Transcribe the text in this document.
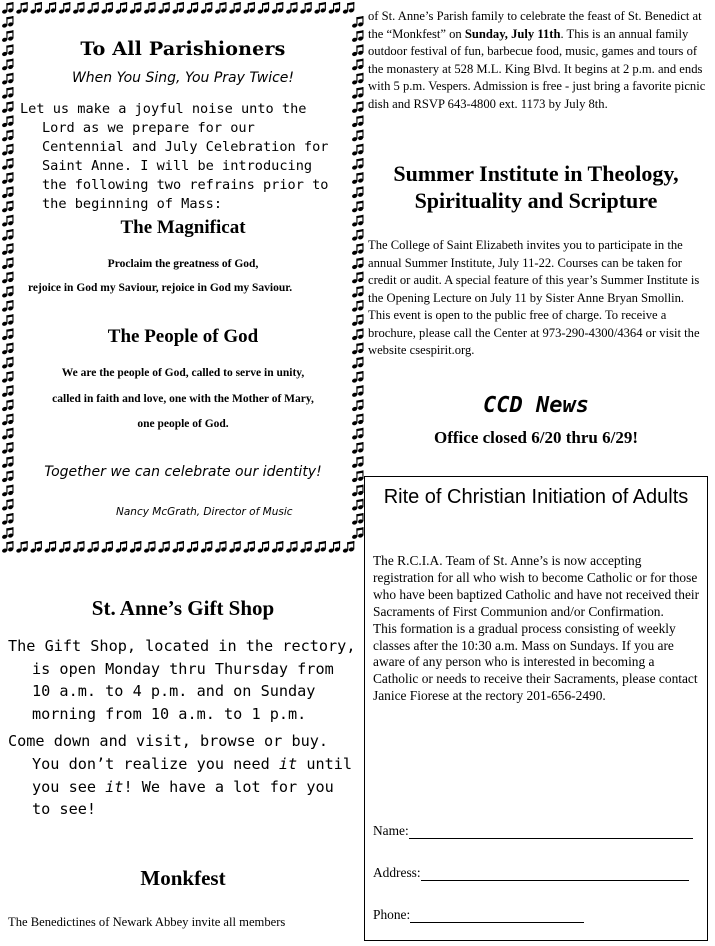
To All Parishioners
When You Sing, You Pray Twice!

Let us make a joyful noise unto the Lord as we prepare for our Centennial and July Celebration for Saint Anne. I will be introducing the following two refrains prior to the beginning of Mass:

The Magnificat
Proclaim the greatness of God,
rejoice in God my Saviour, rejoice in God my Saviour.
The People of God
We are the people of God, called to serve in unity,
called in faith and love, one with the Mother of Mary,
one people of God.
Together we can celebrate our identity!
Nancy McGrath, Director of Music

of St. Anne’s Parish family to celebrate the feast of St. Benedict at the “Monkfest” on Sunday, July 11th. This is an annual family outdoor festival of fun, barbecue food, music, games and tours of the monastery at 528 M.L. King Blvd. It begins at 2 p.m. and ends with 5 p.m. Vespers. Admission is free - just bring a favorite picnic dish and RSVP 643-4800 ext. 1173 by July 8th.

Summer Institute in Theology, Spirituality and Scripture

The College of Saint Elizabeth invites you to participate in the annual Summer Institute, July 11-22. Courses can be taken for credit or audit. A special feature of this year’s Summer Institute is the Opening Lecture on July 11 by Sister Anne Bryan Smollin. This event is open to the public free of charge. To receive a brochure, please call the Center at 973-290-4300/4364 or visit the website csespirit.org.

CCD News
Office closed 6/20 thru 6/29!
Rite of Christian Initiation of Adults

The R.C.I.A. Team of St. Anne’s is now accepting registration for all who wish to become Catholic or for those who have been baptized Catholic and have not received their Sacraments of First Communion and/or Confirmation.

This formation is a gradual process consisting of weekly classes after the 10:30 a.m. Mass on Sundays. If you are aware of any person who is interested in becoming a Catholic or needs to receive their Sacraments, please contact Janice Fiorese at the rectory 201-656-2490.

Name:
Address:
Phone:
St. Anne’s Gift Shop

The Gift Shop, located in the rectory, is open Monday thru Thursday from 10 a.m. to 4 p.m. and on Sunday morning from 10 a.m. to 1 p.m.

Come down and visit, browse or buy. You don’t realize you need it until you see it! We have a lot for you to see!

Monkfest
The Benedictines of Newark Abbey invite all members
